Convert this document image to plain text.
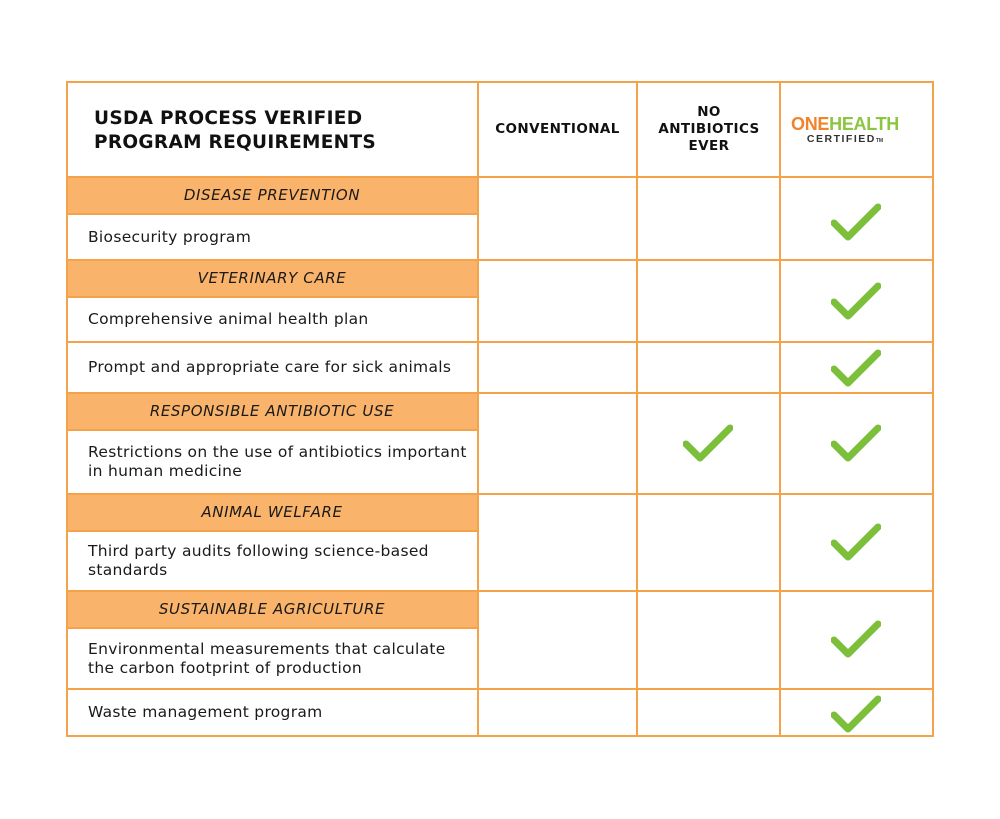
DISEASE PREVENTION
VETERINARY CARE
RESPONSIBLE ANTIBIOTIC USE
ANIMAL WELFARE
SUSTAINABLE AGRICULTURE
USDA PROCESS VERIFIED PROGRAM REQUIREMENTS
CONVENTIONAL
NO ANTIBIOTICS EVER
ONEHEALTH
CERTIFIEDTM
Biosecurity program
Comprehensive animal health plan
Prompt and appropriate care for sick animals
Restrictions on the use of antibiotics important in human medicine
Third party audits following science-based standards
Environmental measurements that calculate the carbon footprint of production
Waste management program
